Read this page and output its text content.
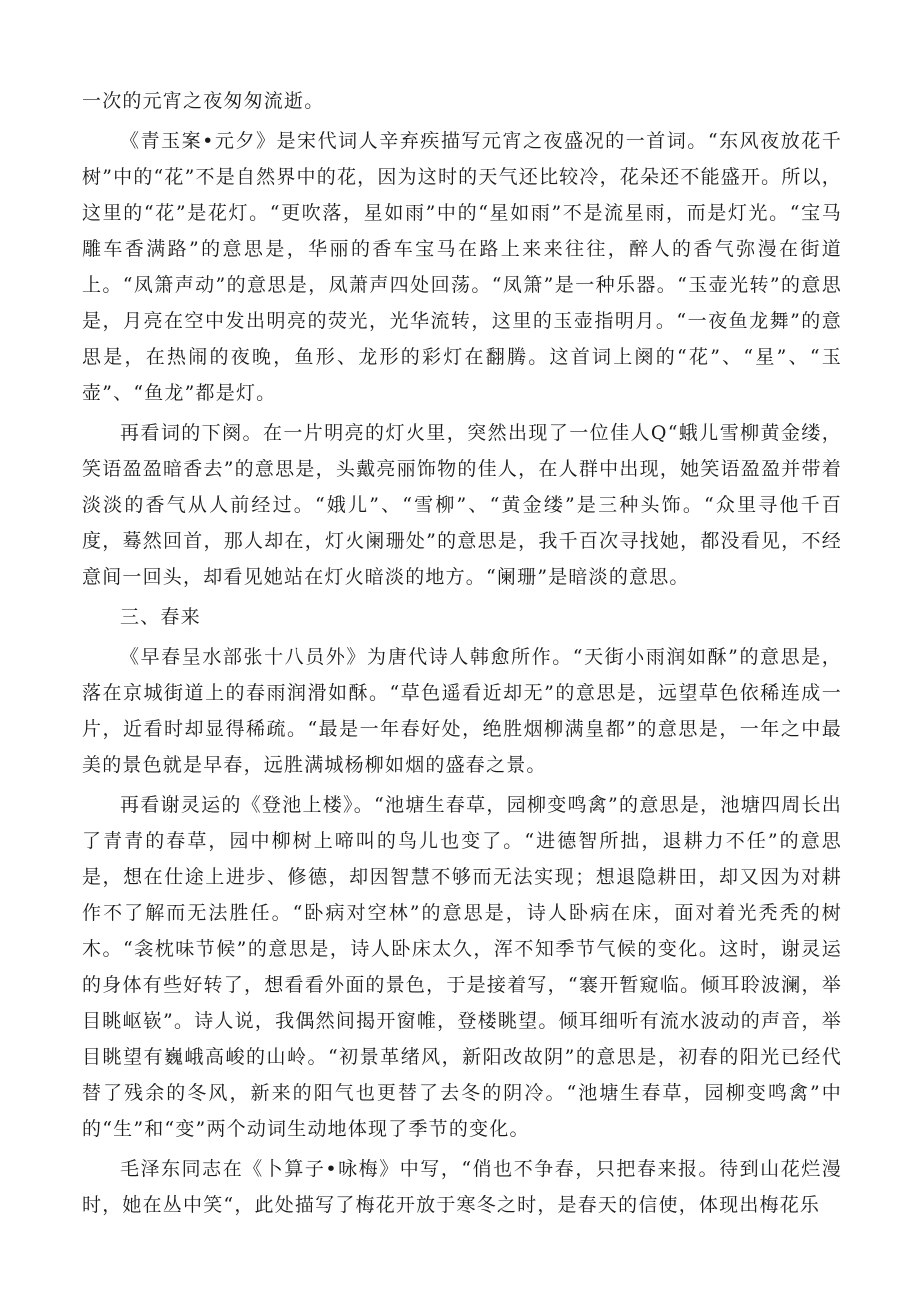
一次的元宵之夜匆匆流逝。

《青玉案•元夕》是宋代词人辛弃疾描写元宵之夜盛况的一首词。“东风夜放花千树”中的“花”不是自然界中的花，因为这时的天气还比较冷，花朵还不能盛开。所以，这里的“花”是花灯。“更吹落，星如雨”中的“星如雨”不是流星雨，而是灯光。“宝马雕车香满路”的意思是，华丽的香车宝马在路上来来往往，醉人的香气弥漫在街道上。“凤箫声动”的意思是，凤萧声四处回荡。“凤箫”是一种乐器。“玉壶光转”的意思是，月亮在空中发出明亮的荧光，光华流转，这里的玉壶指明月。“一夜鱼龙舞”的意思是，在热闹的夜晚，鱼形、龙形的彩灯在翻腾。这首词上阕的“花”、“星”、“玉壶”、“鱼龙”都是灯。

再看词的下阕。在一片明亮的灯火里，突然出现了一位佳人Q“蛾儿雪柳黄金缕，笑语盈盈暗香去”的意思是，头戴亮丽饰物的佳人，在人群中出现，她笑语盈盈并带着淡淡的香气从人前经过。“娥儿”、“雪柳”、“黄金缕”是三种头饰。“众里寻他千百度，蓦然回首，那人却在，灯火阑珊处”的意思是，我千百次寻找她，都没看见，不经意间一回头，却看见她站在灯火暗淡的地方。“阑珊”是暗淡的意思。

三、春来

《早春呈水部张十八员外》为唐代诗人韩愈所作。“天街小雨润如酥”的意思是，落在京城街道上的春雨润滑如酥。“草色遥看近却无”的意思是，远望草色依稀连成一片，近看时却显得稀疏。“最是一年春好处，绝胜烟柳满皇都”的意思是，一年之中最美的景色就是早春，远胜满城杨柳如烟的盛春之景。

再看谢灵运的《登池上楼》。“池塘生春草，园柳变鸣禽”的意思是，池塘四周长出了青青的春草，园中柳树上啼叫的鸟儿也变了。“进德智所拙，退耕力不任”的意思是，想在仕途上进步、修德，却因智慧不够而无法实现；想退隐耕田，却又因为对耕作不了解而无法胜任。“卧病对空林”的意思是，诗人卧病在床，面对着光秃秃的树木。“衾枕味节候”的意思是，诗人卧床太久，浑不知季节气候的变化。这时，谢灵运的身体有些好转了，想看看外面的景色，于是接着写，“褰开暂窥临。倾耳聆波澜，举目眺岖嵚”。诗人说，我偶然间揭开窗帷，登楼眺望。倾耳细听有流水波动的声音，举目眺望有巍峨高峻的山岭。“初景革绪风，新阳改故阴”的意思是，初春的阳光已经代替了残余的冬风，新来的阳气也更替了去冬的阴冷。“池塘生春草，园柳变鸣禽”中的“生”和“变”两个动词生动地体现了季节的变化。

毛泽东同志在《卜算子•咏梅》中写，“俏也不争春，只把春来报。待到山花烂漫时，她在丛中笑“，此处描写了梅花开放于寒冬之时，是春天的信使，体现出梅花乐
